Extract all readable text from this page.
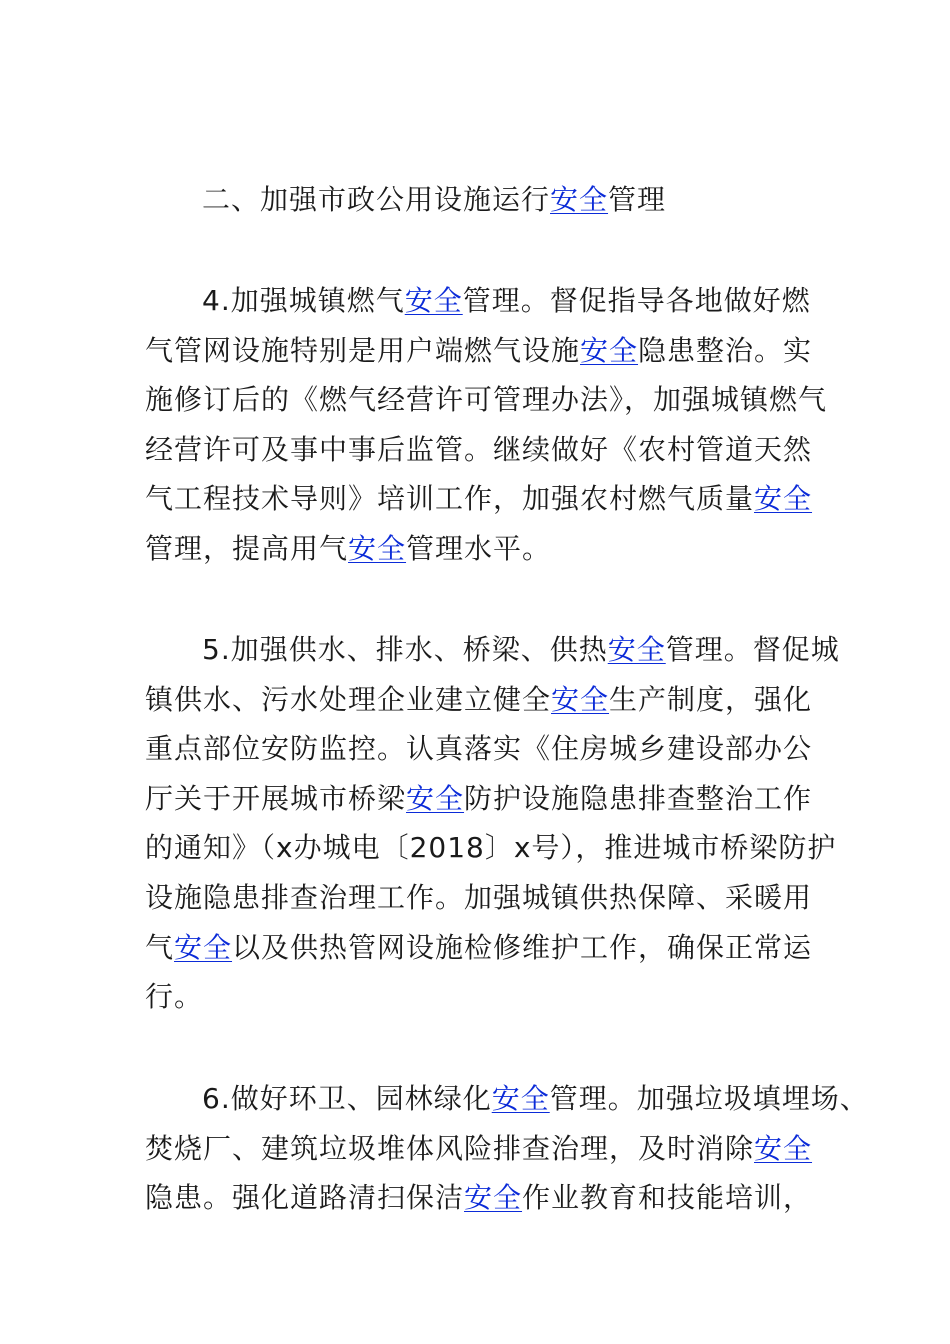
二、加强市政公用设施运行安全管理
4.加强城镇燃气安全管理。督促指导各地做好燃
气管网设施特别是用户端燃气设施安全隐患整治。实
施修订后的《燃气经营许可管理办法》，加强城镇燃气
经营许可及事中事后监管。继续做好《农村管道天然
气工程技术导则》培训工作，加强农村燃气质量安全
管理，提高用气安全管理水平。
5.加强供水、排水、桥梁、供热安全管理。督促城
镇供水、污水处理企业建立健全安全生产制度，强化
重点部位安防监控。认真落实《住房城乡建设部办公
厅关于开展城市桥梁安全防护设施隐患排查整治工作
的通知》（x办城电〔2018〕x号），推进城市桥梁防护
设施隐患排查治理工作。加强城镇供热保障、采暖用
气安全以及供热管网设施检修维护工作，确保正常运
行。
6.做好环卫、园林绿化安全管理。加强垃圾填埋场、
焚烧厂、建筑垃圾堆体风险排查治理，及时消除安全
隐患。强化道路清扫保洁安全作业教育和技能培训，
